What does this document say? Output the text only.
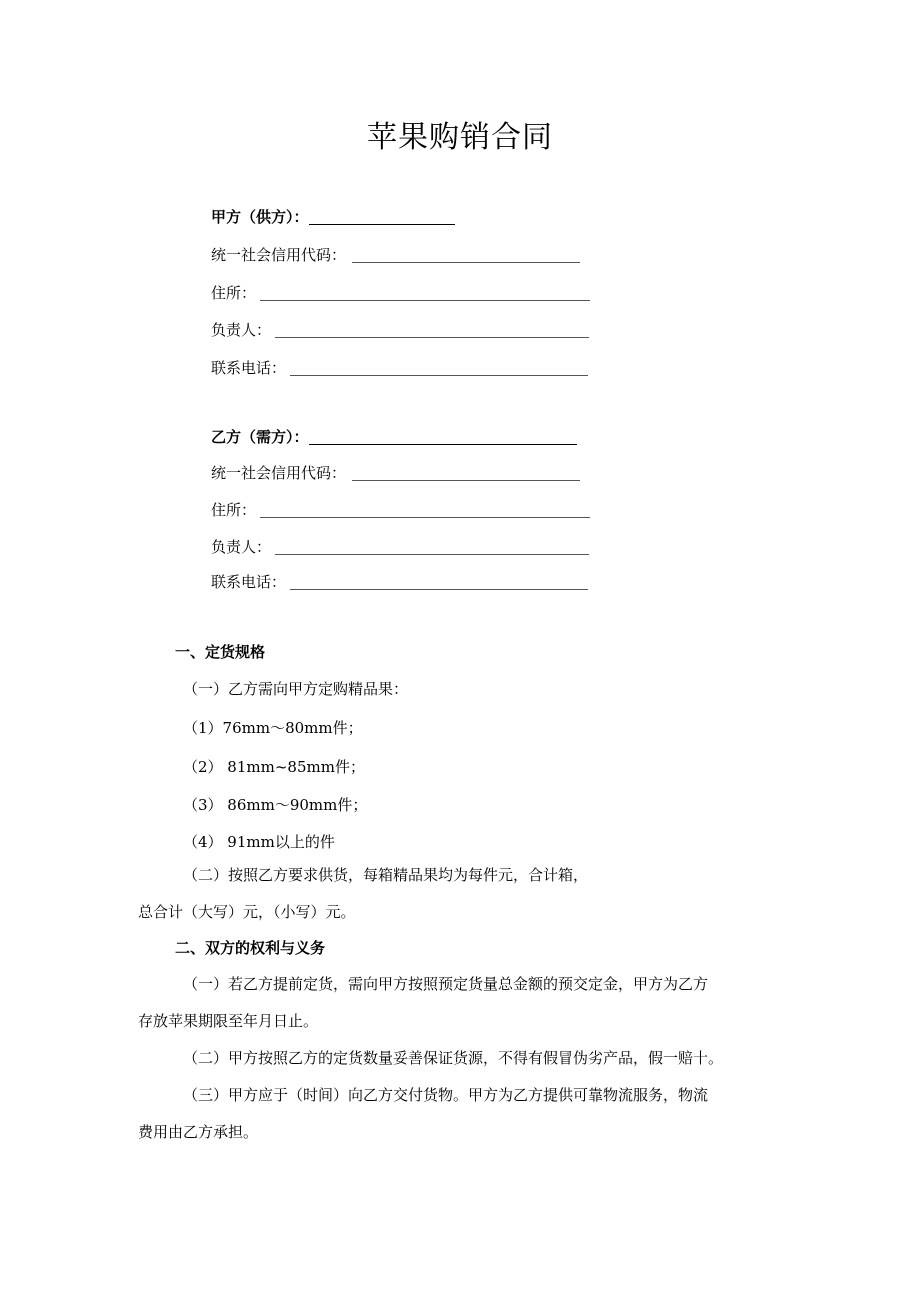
苹果购销合同
甲方（供方）：
统一社会信用代码：
住所：
负责人：
联系电话：
乙方（需方）：
统一社会信用代码：
住所：
负责人：
联系电话：
一、定货规格
（一）乙方需向甲方定购精品果：
（1）76mm～80mm件；
（2） 81mm~85mm件；
（3） 86mm～90mm件；
（4） 91mm以上的件
（二）按照乙方要求供货，每箱精品果均为每件元，合计箱，
总合计（大写）元，（小写）元。
二、双方的权利与义务
（一）若乙方提前定货，需向甲方按照预定货量总金额的预交定金，甲方为乙方
存放苹果期限至年月日止。
（二）甲方按照乙方的定货数量妥善保证货源，不得有假冒伪劣产品，假一赔十。
（三）甲方应于（时间）向乙方交付货物。甲方为乙方提供可靠物流服务，物流
费用由乙方承担。
